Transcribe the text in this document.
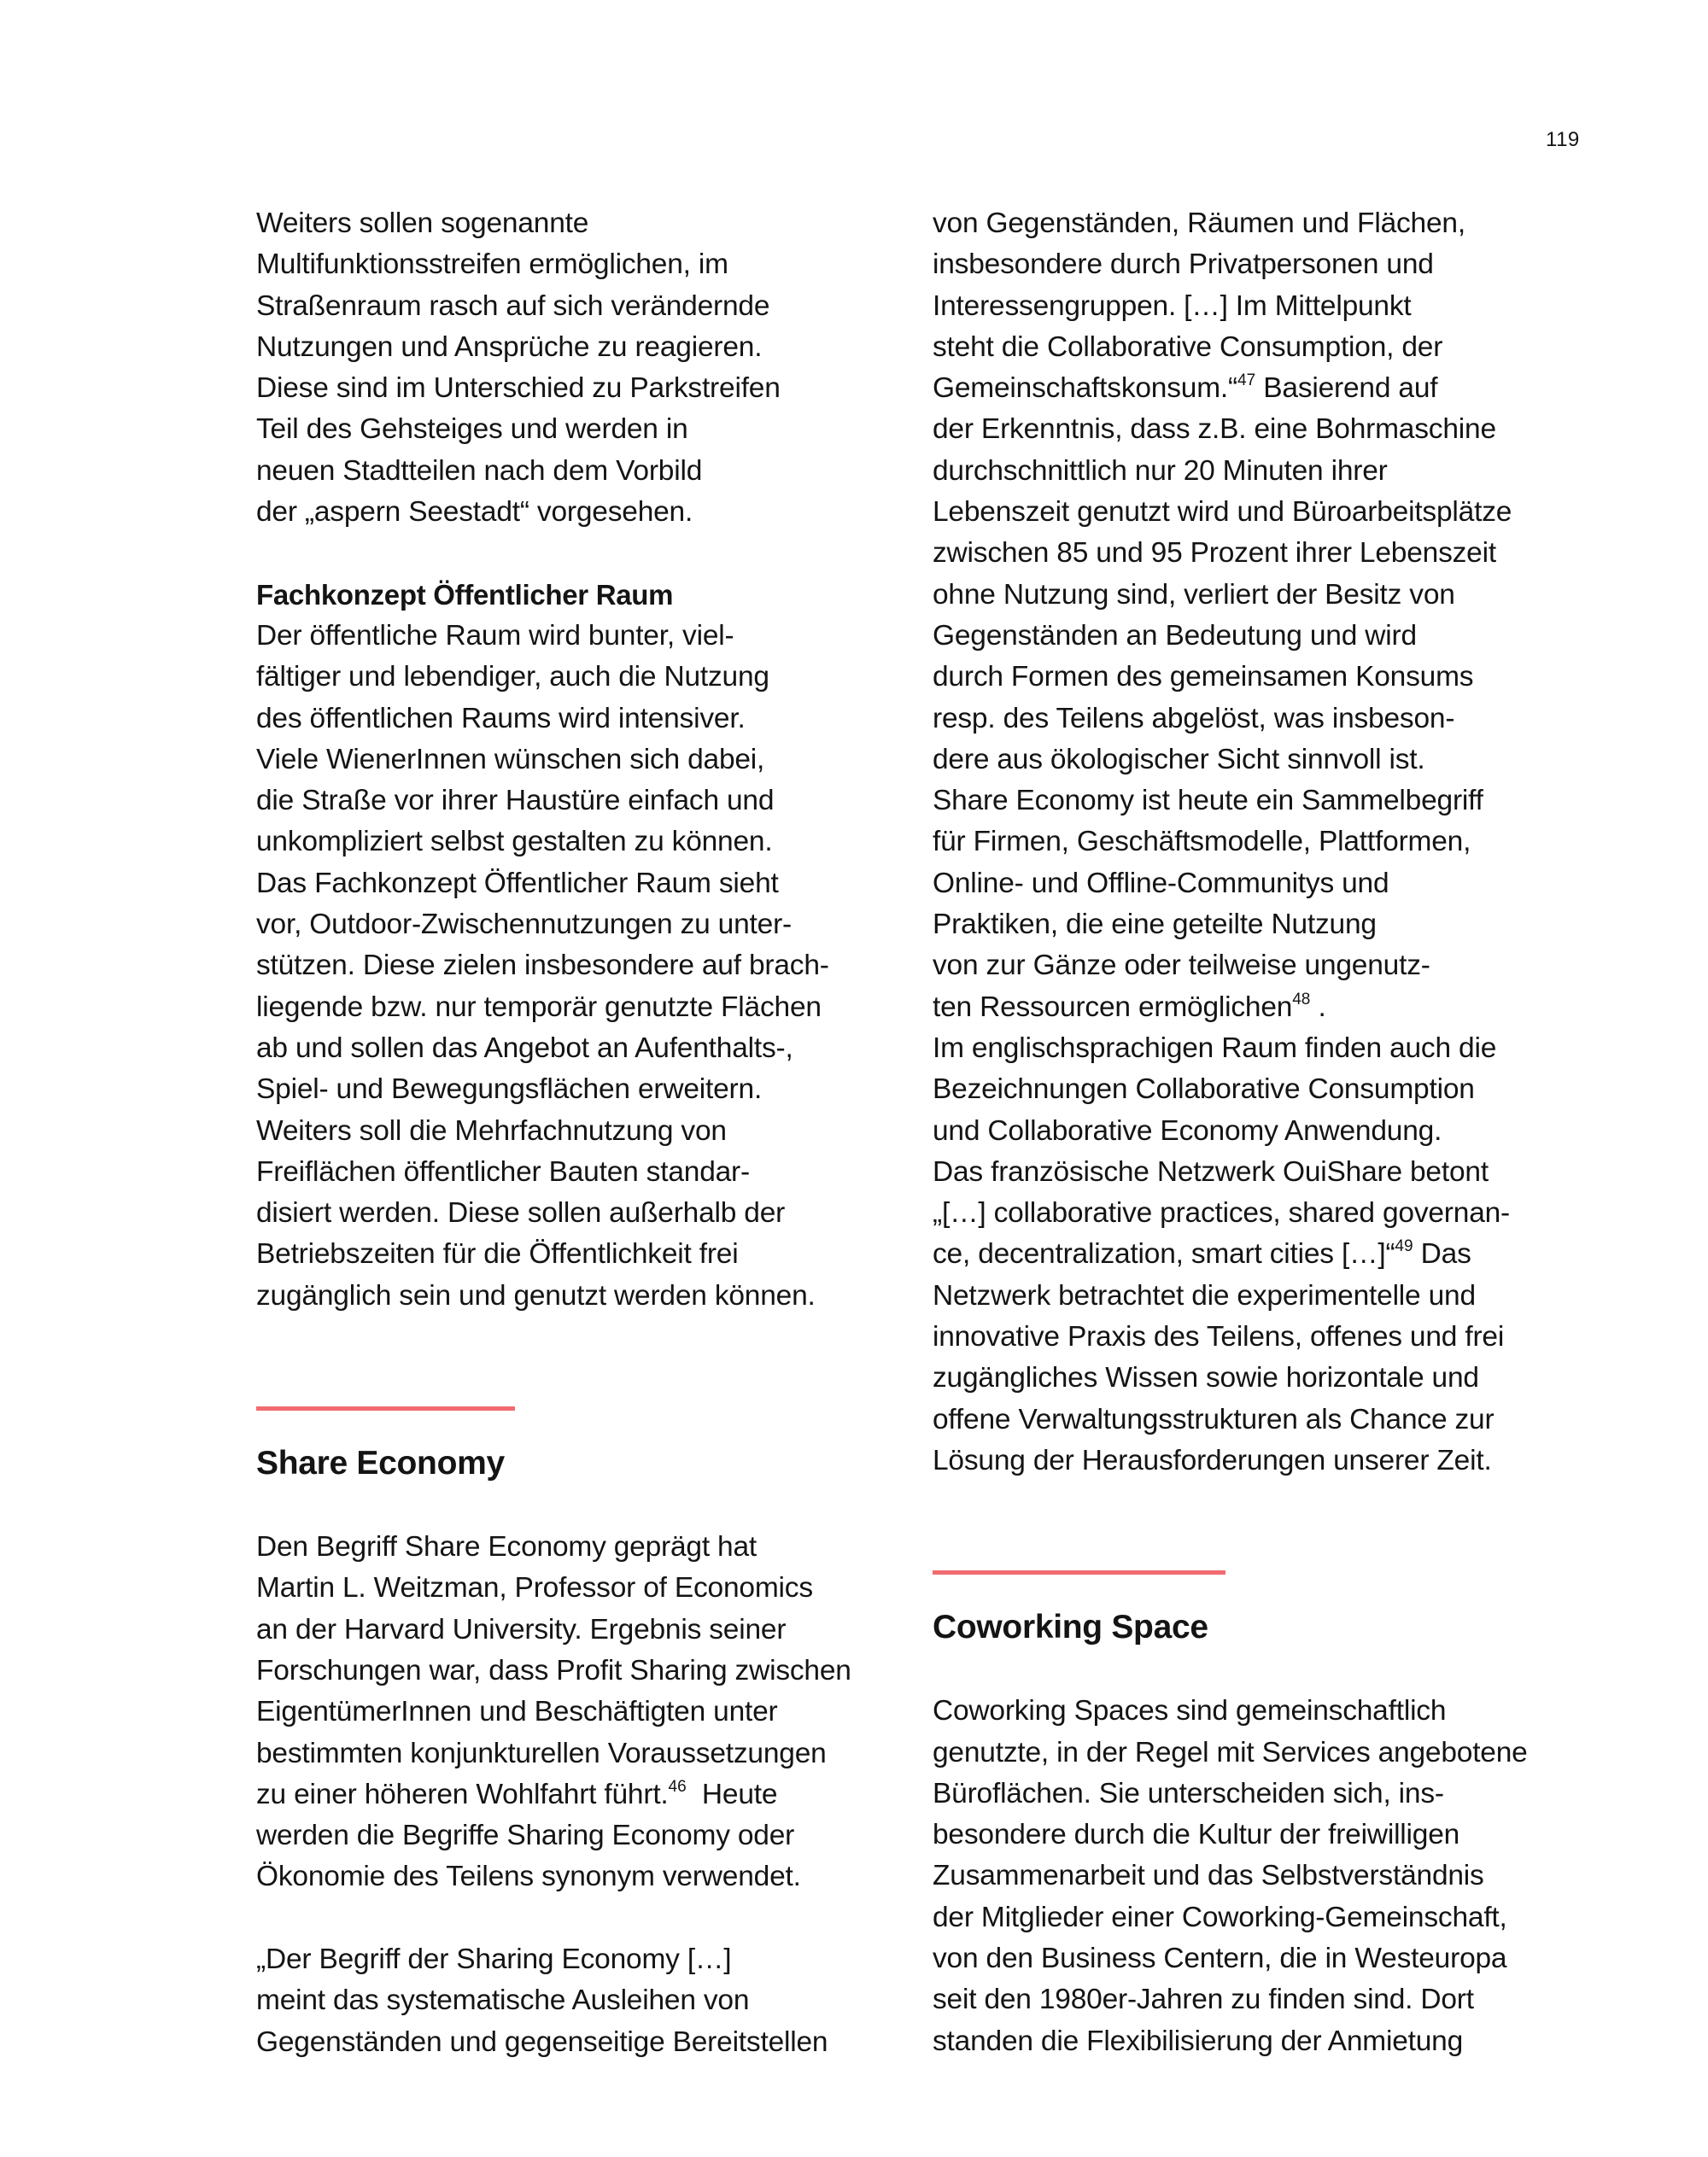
119
Weiters sollen sogenannte
Multifunktionsstreifen ermöglichen, im
Straßenraum rasch auf sich verändernde
Nutzungen und Ansprüche zu reagieren.
Diese sind im Unterschied zu Parkstreifen
Teil des Gehsteiges und werden in
neuen Stadtteilen nach dem Vorbild
der „aspern Seestadt“ vorgesehen.
Fachkonzept Öffentlicher Raum
Der öffentliche Raum wird bunter, viel-
fältiger und lebendiger, auch die Nutzung
des öffentlichen Raums wird intensiver.
Viele WienerInnen wünschen sich dabei,
die Straße vor ihrer Haustüre einfach und
unkompliziert selbst gestalten zu können.
Das Fachkonzept Öffentlicher Raum sieht
vor, Outdoor-Zwischennutzungen zu unter-
stützen. Diese zielen insbesondere auf brach-
liegende bzw. nur temporär genutzte Flächen
ab und sollen das Angebot an Aufenthalts-,
Spiel- und Bewegungsflächen erweitern.
Weiters soll die Mehrfachnutzung von
Freiflächen öffentlicher Bauten standar-
disiert werden. Diese sollen außerhalb der
Betriebszeiten für die Öffentlichkeit frei
zugänglich sein und genutzt werden können.
Share Economy
Den Begriff Share Economy geprägt hat
Martin L. Weitzman, Professor of Economics
an der Harvard University. Ergebnis seiner
Forschungen war, dass Profit Sharing zwischen
EigentümerInnen und Beschäftigten unter
bestimmten konjunkturellen Voraussetzungen
zu einer höheren Wohlfahrt führt.$^{46}$  Heute
werden die Begriffe Sharing Economy oder
Ökonomie des Teilens synonym verwendet.
„Der Begriff der Sharing Economy […]
meint das systematische Ausleihen von
Gegenständen und gegenseitige Bereitstellen
von Gegenständen, Räumen und Flächen,
insbesondere durch Privatpersonen und
Interessengruppen. […] Im Mittelpunkt
steht die Collaborative Consumption, der
Gemeinschaftskonsum.“$^{47}$ Basierend auf
der Erkenntnis, dass z.B. eine Bohrmaschine
durchschnittlich nur 20 Minuten ihrer
Lebenszeit genutzt wird und Büroarbeitsplätze
zwischen 85 und 95 Prozent ihrer Lebenszeit
ohne Nutzung sind, verliert der Besitz von
Gegenständen an Bedeutung und wird
durch Formen des gemeinsamen Konsums
resp. des Teilens abgelöst, was insbeson-
dere aus ökologischer Sicht sinnvoll ist.
Share Economy ist heute ein Sammelbegriff
für Firmen, Geschäftsmodelle, Plattformen,
Online- und Offline-Communitys und
Praktiken, die eine geteilte Nutzung
von zur Gänze oder teilweise ungenutz-
ten Ressourcen ermöglichen$^{48}$ .
Im englischsprachigen Raum finden auch die
Bezeichnungen Collaborative Consumption
und Collaborative Economy Anwendung.
Das französische Netzwerk OuiShare betont
„[…] collaborative practices, shared governan-
ce, decentralization, smart cities […]“$^{49}$ Das
Netzwerk betrachtet die experimentelle und
innovative Praxis des Teilens, offenes und frei
zugängliches Wissen sowie horizontale und
offene Verwaltungsstrukturen als Chance zur
Lösung der Herausforderungen unserer Zeit.
Coworking Space
Coworking Spaces sind gemeinschaftlich
genutzte, in der Regel mit Services angebotene
Büroflächen. Sie unterscheiden sich, ins-
besondere durch die Kultur der freiwilligen
Zusammenarbeit und das Selbstverständnis
der Mitglieder einer Coworking-Gemeinschaft,
von den Business Centern, die in Westeuropa
seit den 1980er-Jahren zu finden sind. Dort
standen die Flexibilisierung der Anmietung
